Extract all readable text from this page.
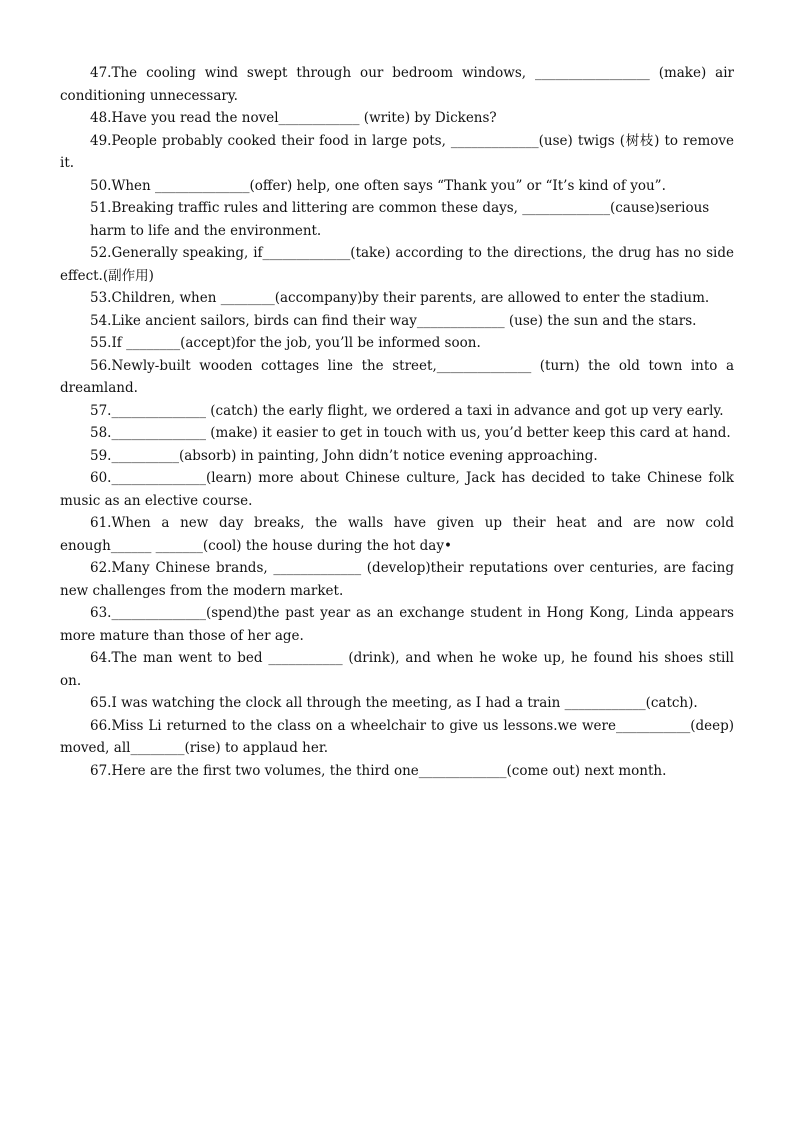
47.The cooling wind swept through our bedroom windows, _________________ (make) air conditioning unnecessary.

48.Have you read the novel____________ (write) by Dickens?

49.People probably cooked their food in large pots, _____________(use) twigs (树枝) to remove it.

50.When ______________(offer) help, one often says “Thank you” or “It’s kind of you”.

51.Breaking traffic rules and littering are common these days, _____________(cause)serious

harm to life and the environment.

52.Generally speaking, if_____________(take) according to the directions, the drug has no side effect.(副作用)

53.Children, when ________(accompany)by their parents, are allowed to enter the stadium.

54.Like ancient sailors, birds can find their way_____________ (use) the sun and the stars.

55.If ________(accept)for the job, you’ll be informed soon.

56.Newly-built wooden cottages line the street,______________ (turn) the old town into a dreamland.

57.______________ (catch) the early flight, we ordered a taxi in advance and got up very early.

58.______________ (make) it easier to get in touch with us, you’d better keep this card at hand.

59.__________(absorb) in painting, John didn’t notice evening approaching.

60.______________(learn) more about Chinese culture, Jack has decided to take Chinese folk music as an elective course.

61.When a new day breaks, the walls have given up their heat and are now cold enough______ _______(cool) the house during the hot day•

62.Many Chinese brands, _____________ (develop)their reputations over centuries, are facing new challenges from the modern market.

63.______________(spend)the past year as an exchange student in Hong Kong, Linda appears more mature than those of her age.

64.The man went to bed ___________ (drink), and when he woke up, he found his shoes still on.

65.I was watching the clock all through the meeting, as I had a train ____________(catch).

66.Miss Li returned to the class on a wheelchair to give us lessons.we were___________(deep) moved, all________(rise) to applaud her.

67.Here are the first two volumes, the third one_____________(come out) next month.
